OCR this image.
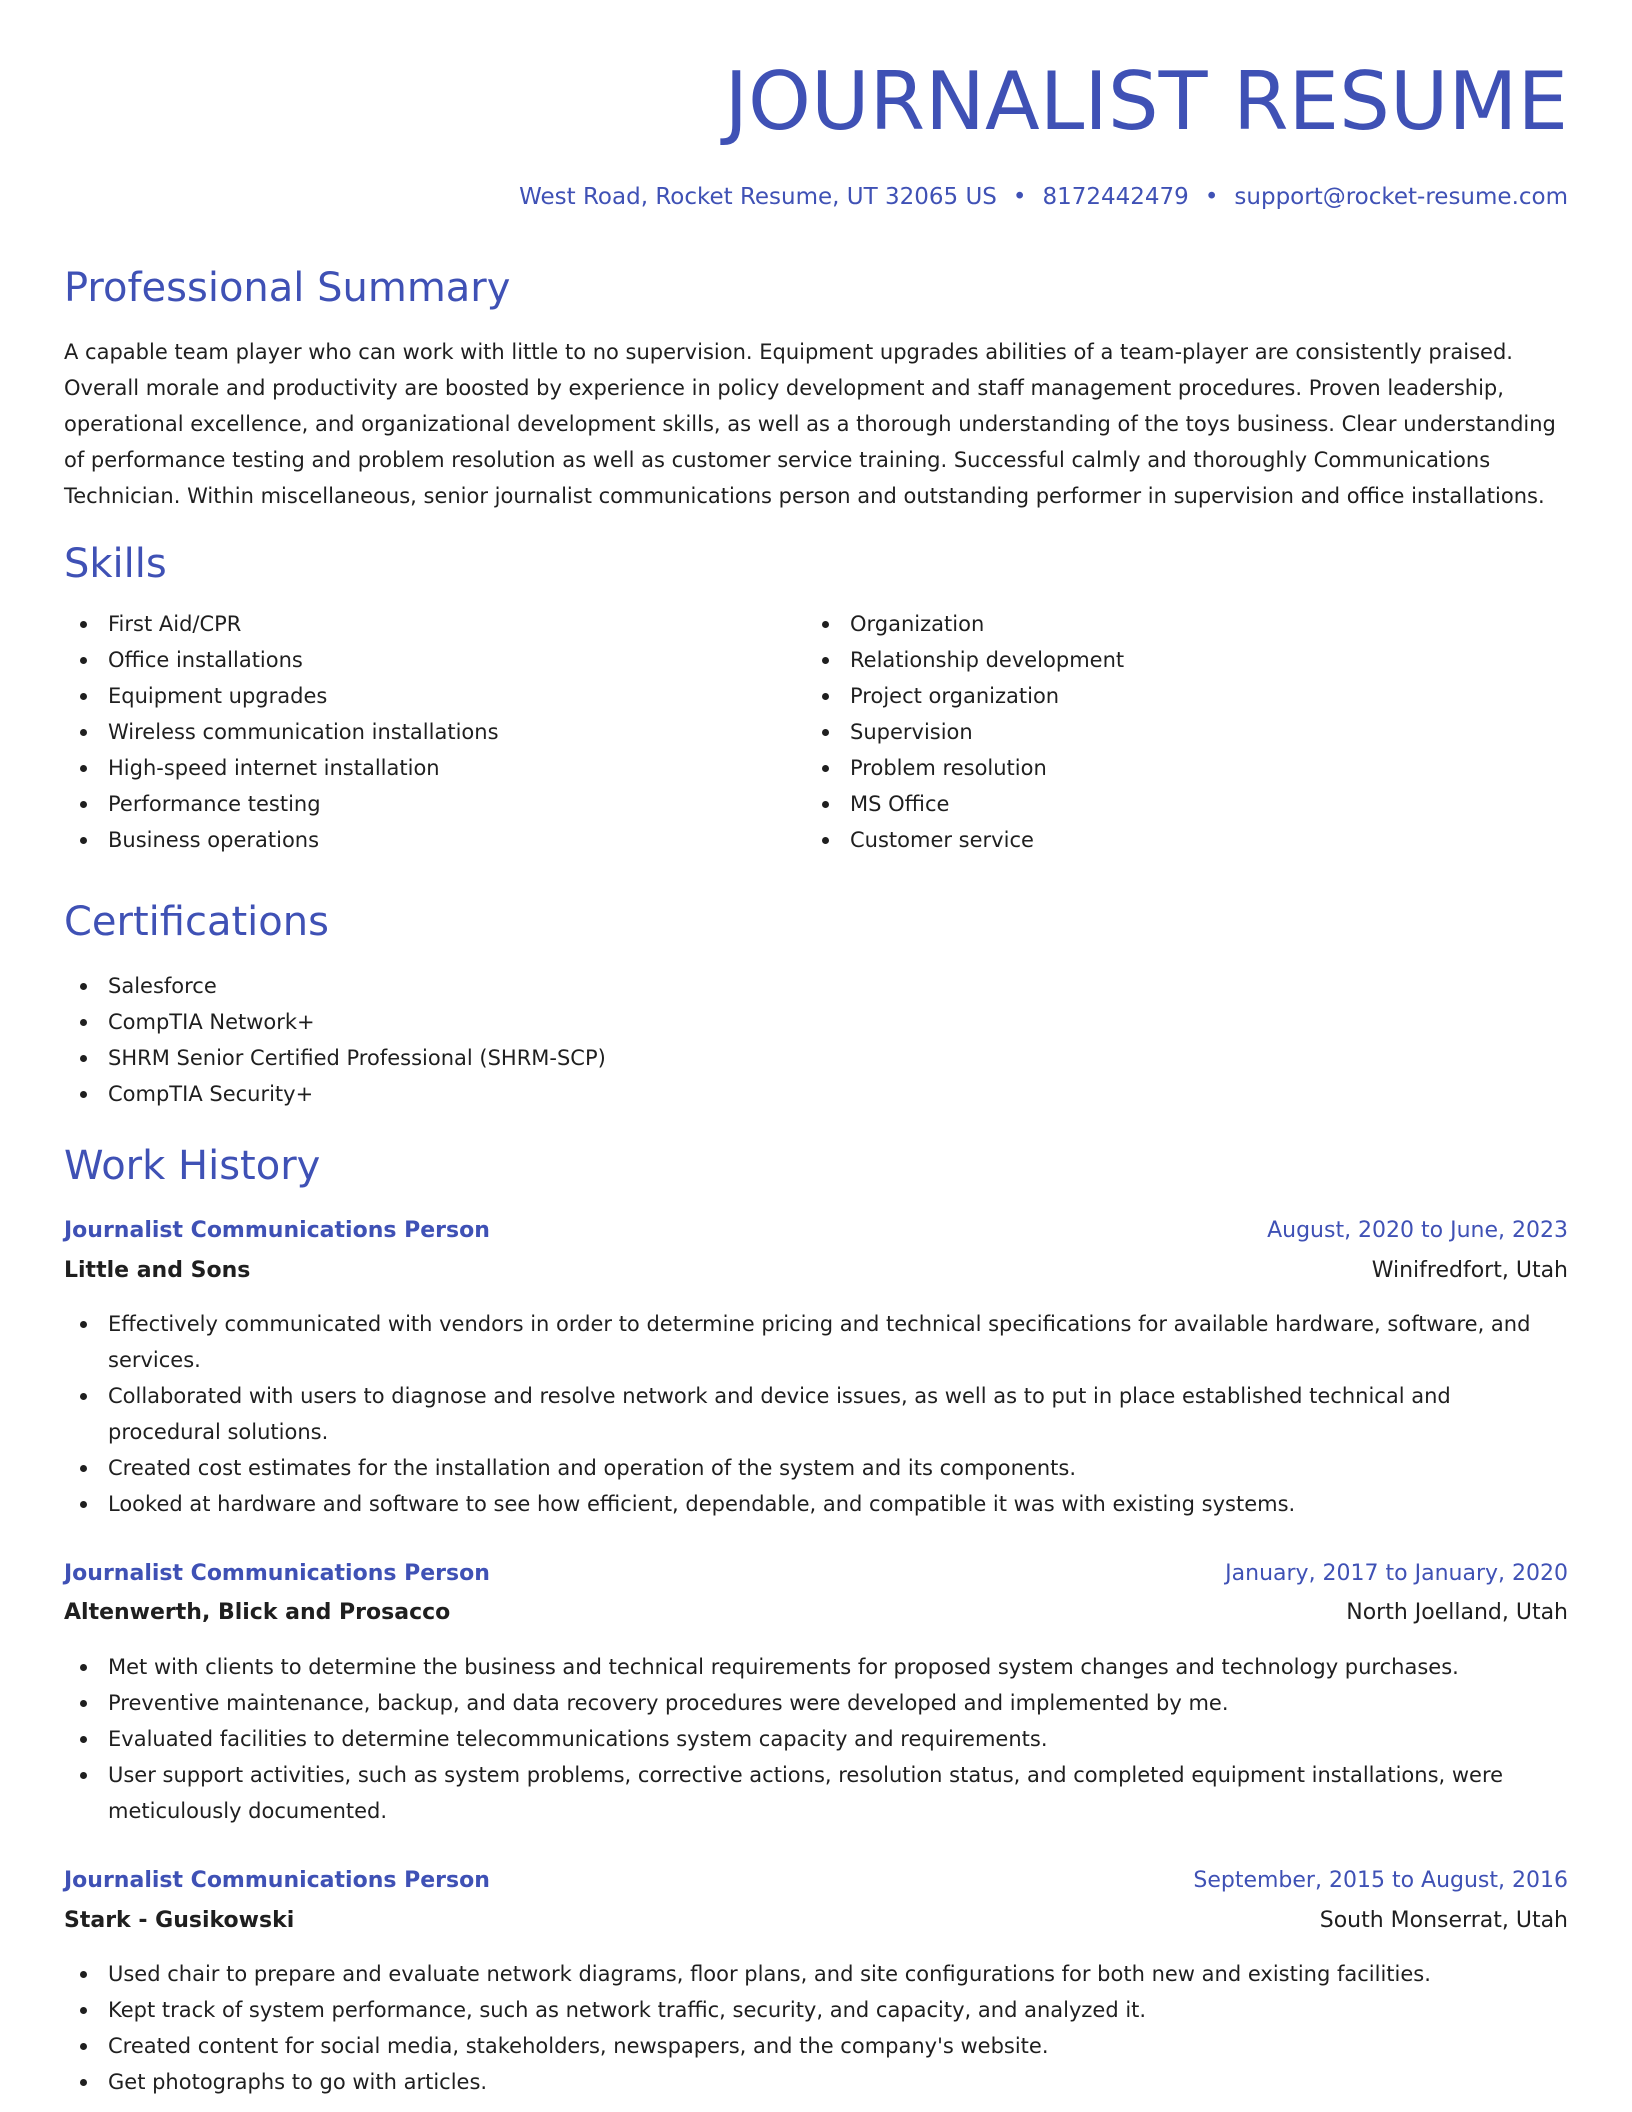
JOURNALIST RESUME
West Road, Rocket Resume, UT 32065 US • 8172442479 • support@rocket-resume.com
Professional Summary

A capable team player who can work with little to no supervision. Equipment upgrades abilities of a team-player are consistently praised. Overall morale and productivity are boosted by experience in policy development and staff management procedures. Proven leadership, operational excellence, and organizational development skills, as well as a thorough understanding of the toys business. Clear understanding of performance testing and problem resolution as well as customer service training. Successful calmly and thoroughly Communications Technician. Within miscellaneous, senior journalist communications person and outstanding performer in supervision and office installations.

Skills
First Aid/CPR
Office installations
Equipment upgrades
Wireless communication installations
High-speed internet installation
Performance testing
Business operations
Organization
Relationship development
Project organization
Supervision
Problem resolution
MS Office
Customer service
Certifications
Salesforce
CompTIA Network+
SHRM Senior Certified Professional (SHRM-SCP)
CompTIA Security+
Work History
Journalist Communications Person	August, 2020 to June, 2023
Little and Sons	Winifredfort, Utah
Effectively communicated with vendors in order to determine pricing and technical specifications for available hardware, software, and services.
Collaborated with users to diagnose and resolve network and device issues, as well as to put in place established technical and procedural solutions.
Created cost estimates for the installation and operation of the system and its components.
Looked at hardware and software to see how efficient, dependable, and compatible it was with existing systems.
Journalist Communications Person	January, 2017 to January, 2020
Altenwerth, Blick and Prosacco	North Joelland, Utah
Met with clients to determine the business and technical requirements for proposed system changes and technology purchases.
Preventive maintenance, backup, and data recovery procedures were developed and implemented by me.
Evaluated facilities to determine telecommunications system capacity and requirements.
User support activities, such as system problems, corrective actions, resolution status, and completed equipment installations, were meticulously documented.
Journalist Communications Person	September, 2015 to August, 2016
Stark - Gusikowski	South Monserrat, Utah
Used chair to prepare and evaluate network diagrams, floor plans, and site configurations for both new and existing facilities.
Kept track of system performance, such as network traffic, security, and capacity, and analyzed it.
Created content for social media, stakeholders, newspapers, and the company's website.
Get photographs to go with articles.
